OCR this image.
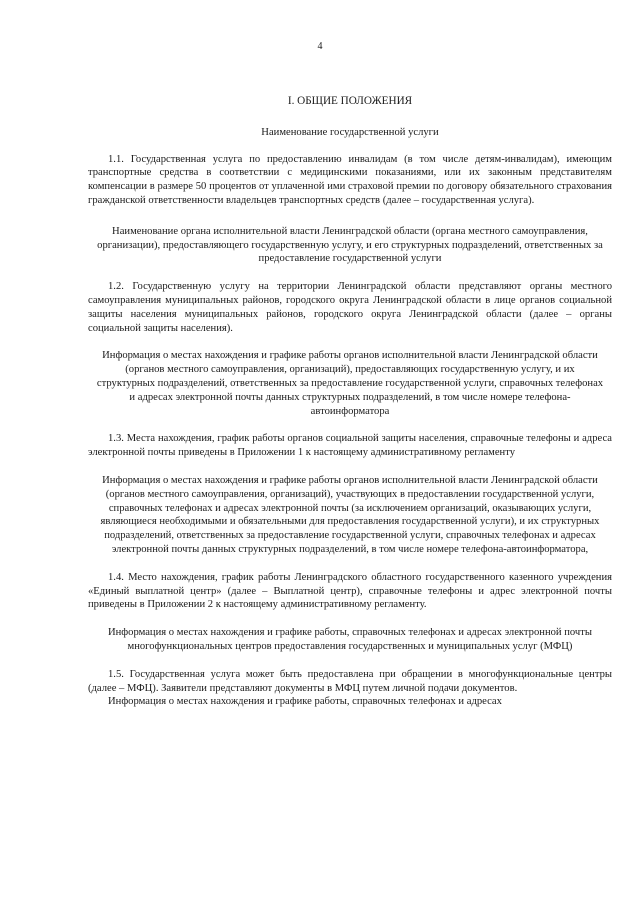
4

I. ОБЩИЕ ПОЛОЖЕНИЯ

Наименование государственной услуги

1.1. Государственная услуга по предоставлению инвалидам (в том числе детям-инвалидам), имеющим транспортные средства в соответствии с медицинскими показаниями, или их законным представителям компенсации в размере 50 процентов от уплаченной ими страховой премии по договору обязательного страхования гражданской ответственности владельцев транспортных средств (далее – государственная услуга).

Наименование органа исполнительной власти Ленинградской области (органа местного самоуправления, организации), предоставляющего государственную услугу, и его структурных подразделений, ответственных за предоставление государственной услуги

1.2. Государственную услугу на территории Ленинградской области представляют органы местного самоуправления муниципальных районов, городского округа Ленинградской области в лице органов социальной защиты населения муниципальных районов, городского округа Ленинградской области (далее – органы социальной защиты населения).

Информация о местах нахождения и графике работы органов исполнительной власти Ленинградской области (органов местного самоуправления, организаций), предоставляющих государственную услугу, и их структурных подразделений, ответственных за предоставление государственной услуги, справочных телефонах и адресах электронной почты данных структурных подразделений, в том числе номере телефона-автоинформатора

1.3. Места нахождения, график работы органов социальной защиты населения, справочные телефоны и адреса электронной почты приведены в Приложении 1 к настоящему административному регламенту

Информация о местах нахождения и графике работы органов исполнительной власти Ленинградской области (органов местного самоуправления, организаций), участвующих в предоставлении государственной услуги, справочных телефонах и адресах электронной почты (за исключением организаций, оказывающих услуги, являющиеся необходимыми и обязательными для предоставления государственной услуги), и их структурных подразделений, ответственных за предоставление государственной услуги, справочных телефонах и адресах электронной почты данных структурных подразделений, в том числе номере телефона-автоинформатора,

1.4. Место нахождения, график работы Ленинградского областного государственного казенного учреждения «Единый выплатной центр» (далее – Выплатной центр), справочные телефоны и адрес электронной почты приведены в Приложении 2 к настоящему административному регламенту.

Информация о местах нахождения и графике работы, справочных телефонах и адресах электронной почты многофункциональных центров предоставления государственных и муниципальных услуг (МФЦ)

1.5. Государственная услуга может быть предоставлена при обращении в многофункциональные центры (далее – МФЦ). Заявители представляют документы в МФЦ путем личной подачи документов.

Информация о местах нахождения и графике работы, справочных телефонах и адресах
